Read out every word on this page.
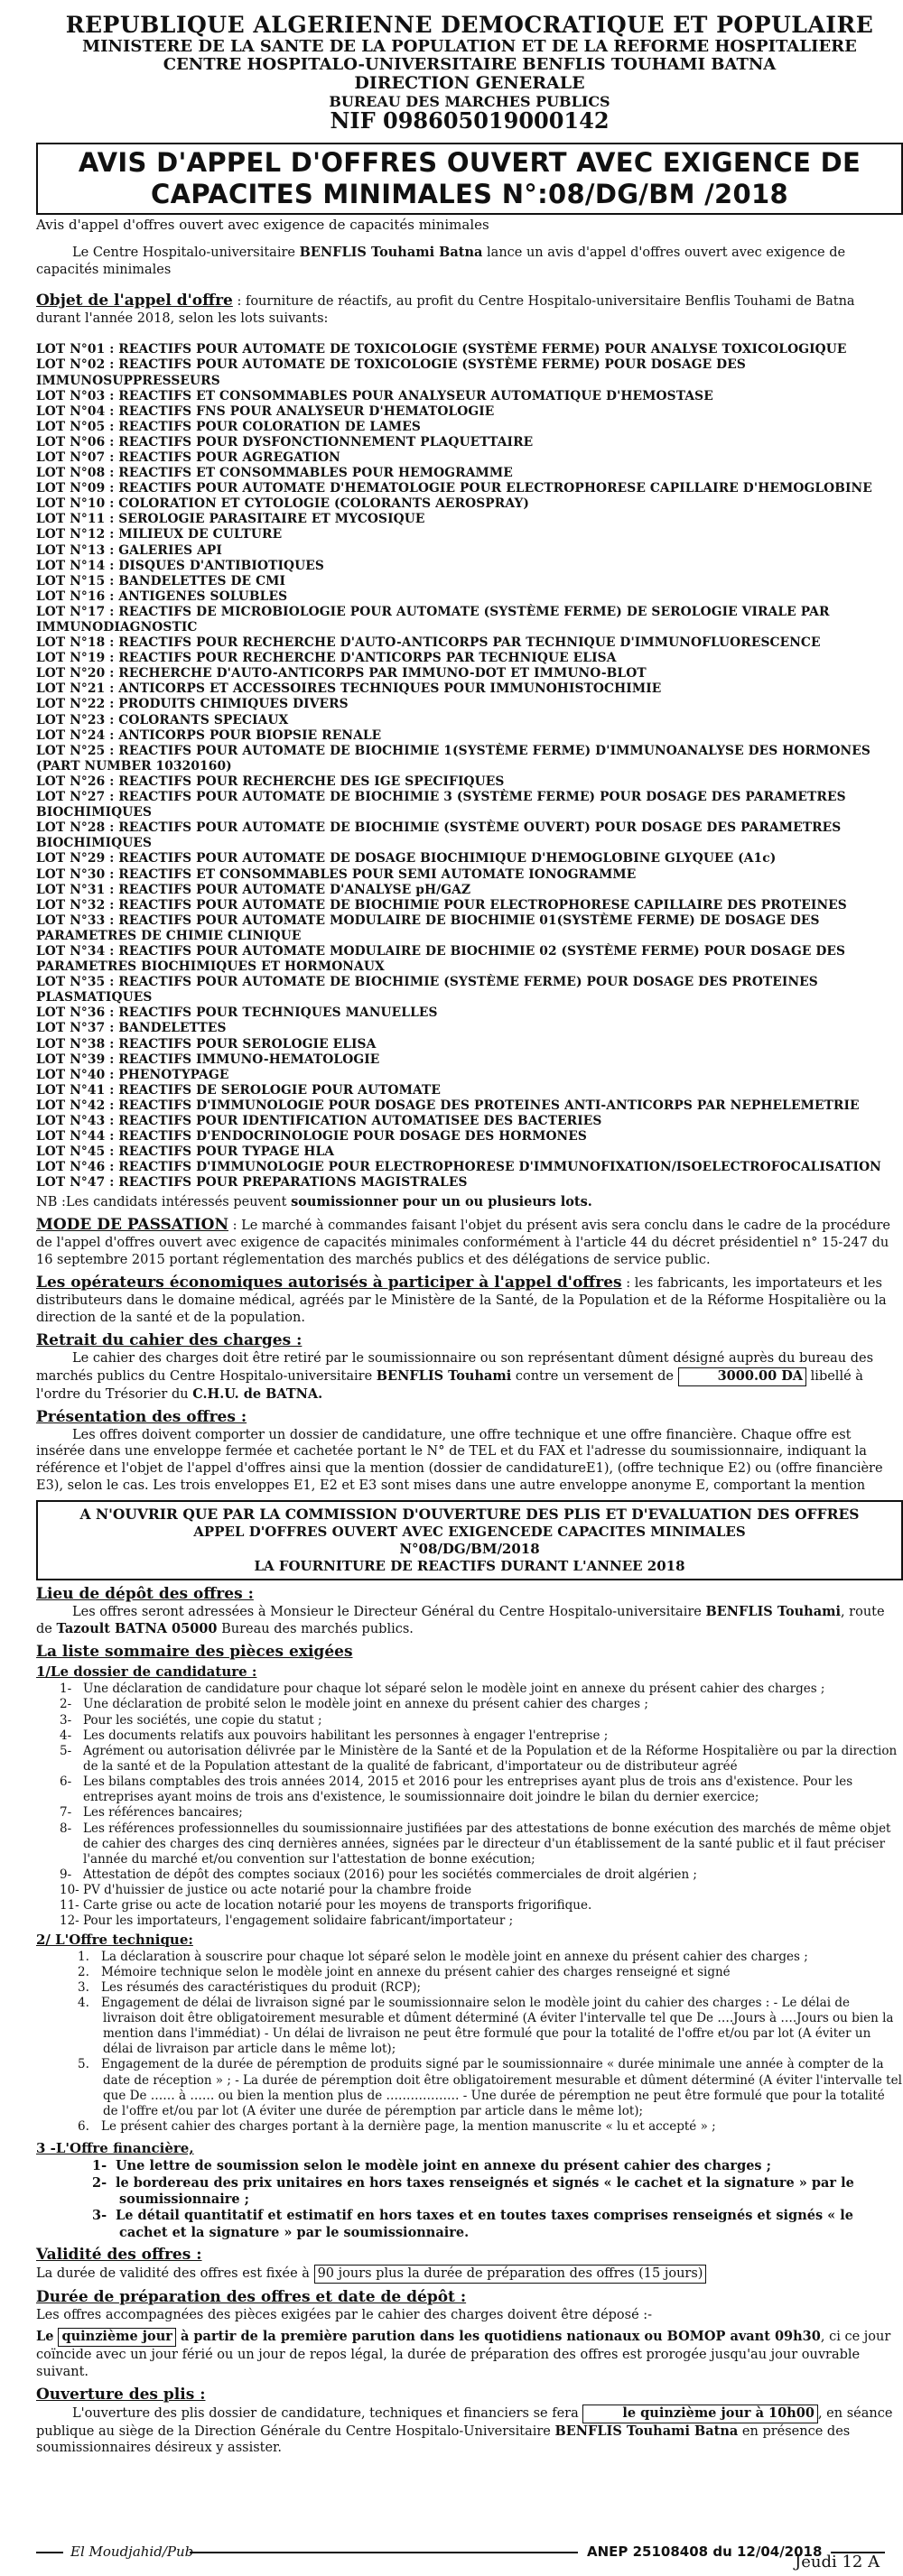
REPUBLIQUE ALGERIENNE DEMOCRATIQUE ET POPULAIRE
MINISTERE DE LA SANTE DE LA POPULATION ET DE LA REFORME HOSPITALIERE
CENTRE HOSPITALO-UNIVERSITAIRE BENFLIS TOUHAMI BATNA
DIRECTION GENERALE
BUREAU DES MARCHES PUBLICS
NIF 098605019000142
AVIS D'APPEL D'OFFRES OUVERT AVEC EXIGENCE DE
CAPACITES MINIMALES N°:08/DG/BM /2018

Avis d'appel d'offres ouvert avec exigence de capacités minimales

Le Centre Hospitalo-universitaire BENFLIS Touhami Batna lance un avis d'appel d'offres ouvert avec exigence de capacités minimales

Objet de l'appel d'offre : fourniture de réactifs, au profit du Centre Hospitalo-universitaire Benflis Touhami de Batna durant l'année 2018, selon les lots suivants:

LOT N°01 : REACTIFS POUR AUTOMATE DE TOXICOLOGIE (SYSTÈME FERME) POUR ANALYSE TOXICOLOGIQUE
LOT N°02 : REACTIFS POUR AUTOMATE DE TOXICOLOGIE (SYSTÈME FERME) POUR DOSAGE DES IMMUNOSUPPRESSEURS
LOT N°03 : REACTIFS ET CONSOMMABLES POUR ANALYSEUR AUTOMATIQUE D'HEMOSTASE
LOT N°04 : REACTIFS FNS POUR ANALYSEUR D'HEMATOLOGIE
LOT N°05 : REACTIFS POUR COLORATION DE LAMES
LOT N°06 : REACTIFS POUR DYSFONCTIONNEMENT PLAQUETTAIRE
LOT N°07 : REACTIFS POUR AGREGATION
LOT N°08 : REACTIFS ET CONSOMMABLES POUR HEMOGRAMME
LOT N°09 : REACTIFS POUR AUTOMATE D'HEMATOLOGIE POUR ELECTROPHORESE CAPILLAIRE D'HEMOGLOBINE
LOT N°10 : COLORATION ET CYTOLOGIE (COLORANTS AEROSPRAY)
LOT N°11 : SEROLOGIE PARASITAIRE ET MYCOSIQUE
LOT N°12 : MILIEUX DE CULTURE
LOT N°13 : GALERIES API
LOT N°14 : DISQUES D'ANTIBIOTIQUES
LOT N°15 : BANDELETTES DE CMI
LOT N°16 : ANTIGENES SOLUBLES
LOT N°17 : REACTIFS DE MICROBIOLOGIE POUR AUTOMATE (SYSTÈME FERME) DE SEROLOGIE VIRALE PAR IMMUNODIAGNOSTIC
LOT N°18 : REACTIFS POUR RECHERCHE D'AUTO-ANTICORPS PAR TECHNIQUE D'IMMUNOFLUORESCENCE
LOT N°19 : REACTIFS POUR RECHERCHE D'ANTICORPS PAR TECHNIQUE ELISA
LOT N°20 : RECHERCHE D'AUTO-ANTICORPS PAR IMMUNO-DOT ET IMMUNO-BLOT
LOT N°21 : ANTICORPS ET ACCESSOIRES TECHNIQUES POUR IMMUNOHISTOCHIMIE
LOT N°22 : PRODUITS CHIMIQUES DIVERS
LOT N°23 : COLORANTS SPECIAUX
LOT N°24 : ANTICORPS POUR BIOPSIE RENALE
LOT N°25 : REACTIFS POUR AUTOMATE DE BIOCHIMIE 1(SYSTÈME FERME) D'IMMUNOANALYSE DES HORMONES (PART NUMBER 10320160)
LOT N°26 : REACTIFS POUR RECHERCHE DES IGE SPECIFIQUES
LOT N°27 : REACTIFS POUR AUTOMATE DE BIOCHIMIE 3 (SYSTÈME FERME) POUR DOSAGE DES PARAMETRES BIOCHIMIQUES
LOT N°28 : REACTIFS POUR AUTOMATE DE BIOCHIMIE (SYSTÈME OUVERT) POUR DOSAGE DES PARAMETRES BIOCHIMIQUES
LOT N°29 : REACTIFS POUR AUTOMATE DE DOSAGE BIOCHIMIQUE D'HEMOGLOBINE GLYQUEE (A1c)
LOT N°30 : REACTIFS ET CONSOMMABLES POUR SEMI AUTOMATE IONOGRAMME
LOT N°31 : REACTIFS POUR AUTOMATE D'ANALYSE pH/GAZ
LOT N°32 : REACTIFS POUR AUTOMATE DE BIOCHIMIE POUR ELECTROPHORESE CAPILLAIRE DES PROTEINES
LOT N°33 : REACTIFS POUR AUTOMATE MODULAIRE DE BIOCHIMIE 01(SYSTÈME FERME) DE DOSAGE DES PARAMETRES DE CHIMIE CLINIQUE
LOT N°34 : REACTIFS POUR AUTOMATE MODULAIRE DE BIOCHIMIE 02 (SYSTÈME FERME) POUR DOSAGE DES PARAMETRES BIOCHIMIQUES ET HORMONAUX
LOT N°35 : REACTIFS POUR AUTOMATE DE BIOCHIMIE (SYSTÈME FERME) POUR DOSAGE DES PROTEINES PLASMATIQUES
LOT N°36 : REACTIFS POUR TECHNIQUES MANUELLES
LOT N°37 : BANDELETTES
LOT N°38 : REACTIFS POUR SEROLOGIE ELISA
LOT N°39 : REACTIFS IMMUNO-HEMATOLOGIE
LOT N°40 : PHENOTYPAGE
LOT N°41 : REACTIFS DE SEROLOGIE POUR AUTOMATE
LOT N°42 : REACTIFS D'IMMUNOLOGIE POUR DOSAGE DES PROTEINES ANTI-ANTICORPS PAR NEPHELEMETRIE
LOT N°43 : REACTIFS POUR IDENTIFICATION AUTOMATISEE DES BACTERIES
LOT N°44 : REACTIFS D'ENDOCRINOLOGIE POUR DOSAGE DES HORMONES
LOT N°45 : REACTIFS POUR TYPAGE HLA
LOT N°46 : REACTIFS D'IMMUNOLOGIE POUR ELECTROPHORESE D'IMMUNOFIXATION/ISOELECTROFOCALISATION
LOT N°47 : REACTIFS POUR PREPARATIONS MAGISTRALES

NB :Les candidats intéressés peuvent soumissionner pour un ou plusieurs lots.

MODE DE PASSATION : Le marché à commandes faisant l'objet du présent avis sera conclu dans le cadre de la procédure de l'appel d'offres ouvert avec exigence de capacités minimales conformément à l'article 44 du décret présidentiel n° 15-247 du 16 septembre 2015 portant réglementation des marchés publics et des délégations de service public.

Les opérateurs économiques autorisés à participer à l'appel d'offres : les fabricants, les importateurs et les distributeurs dans le domaine médical, agréés par le Ministère de la Santé, de la Population et de la Réforme Hospitalière ou la direction de la santé et de la population.

Retrait du cahier des charges :

Le cahier des charges doit être retiré par le soumissionnaire ou son représentant dûment désigné auprès du bureau des marchés publics du Centre Hospitalo-universitaire BENFLIS Touhami contre un versement de	3000.00 DA libellé à l'ordre du Trésorier du C.H.U. de BATNA.

Présentation des offres :

Les offres doivent comporter un dossier de candidature, une offre technique et une offre financière. Chaque offre est insérée dans une enveloppe fermée et cachetée portant le N° de TEL et du FAX et l'adresse du soumissionnaire, indiquant la référence et l'objet de l'appel d'offres ainsi que la mention (dossier de candidatureE1), (offre technique E2) ou (offre financière E3), selon le cas. Les trois enveloppes E1, E2 et E3 sont mises dans une autre enveloppe anonyme E, comportant la mention

A N'OUVRIR QUE PAR LA COMMISSION D'OUVERTURE DES PLIS ET D'EVALUATION DES OFFRES
APPEL D'OFFRES OUVERT AVEC EXIGENCEDE CAPACITES MINIMALES
N°08/DG/BM/2018
LA FOURNITURE DE REACTIFS DURANT L'ANNEE 2018

Lieu de dépôt des offres :

Les offres seront adressées à Monsieur le Directeur Général du Centre Hospitalo-universitaire BENFLIS Touhami, route de Tazoult BATNA 05000 Bureau des marchés publics.

La liste sommaire des pièces exigées

1/Le dossier de candidature :
1- Une déclaration de candidature pour chaque lot séparé selon le modèle joint en annexe du présent cahier des charges ;
2- Une déclaration de probité selon le modèle joint en annexe du présent cahier des charges ;
3- Pour les sociétés, une copie du statut ;
4- Les documents relatifs aux pouvoirs habilitant les personnes à engager l'entreprise ;
5- Agrément ou autorisation délivrée par le Ministère de la Santé et de la Population et de la Réforme Hospitalière ou par la direction de la santé et de la Population attestant de la qualité de fabricant, d'importateur ou de distributeur agréé
6- Les bilans comptables des trois années 2014, 2015 et 2016 pour les entreprises ayant plus de trois ans d'existence. Pour les entreprises ayant moins de trois ans d'existence, le soumissionnaire doit joindre le bilan du dernier exercice;
7- Les références bancaires;
8- Les références professionnelles du soumissionnaire justifiées par des attestations de bonne exécution des marchés de même objet de cahier des charges des cinq dernières années, signées par le directeur d'un établissement de la santé public et il faut préciser l'année du marché et/ou convention sur l'attestation de bonne exécution;
9- Attestation de dépôt des comptes sociaux (2016) pour les sociétés commerciales de droit algérien ;
10- PV d'huissier de justice ou acte notarié pour la chambre froide
11- Carte grise ou acte de location notarié pour les moyens de transports frigorifique.
12- Pour les importateurs, l'engagement solidaire fabricant/importateur ;
2/ L'Offre technique:
1. La déclaration à souscrire pour chaque lot séparé selon le modèle joint en annexe du présent cahier des charges ;
2. Mémoire technique selon le modèle joint en annexe du présent cahier des charges renseigné et signé
3. Les résumés des caractéristiques du produit (RCP);
4. Engagement de délai de livraison signé par le soumissionnaire selon le modèle joint du cahier des charges : - Le délai de livraison doit être obligatoirement mesurable et dûment déterminé (A éviter l'intervalle tel que De ….Jours à ….Jours ou bien la mention dans l'immédiat) - Un délai de livraison ne peut être formulé que pour la totalité de l'offre et/ou par lot (A éviter un délai de livraison par article dans le même lot);
5. Engagement de la durée de péremption de produits signé par le soumissionnaire « durée minimale une année à compter de la date de réception » ; - La durée de péremption doit être obligatoirement mesurable et dûment déterminé (A éviter l'intervalle tel que De …… à …… ou bien la mention plus de ……………… - Une durée de péremption ne peut être formulé que pour la totalité de l'offre et/ou par lot (A éviter une durée de péremption par article dans le même lot);
6. Le présent cahier des charges portant à la dernière page, la mention manuscrite « lu et accepté » ;
3 -L'Offre financière,
1- Une lettre de soumission selon le modèle joint en annexe du présent cahier des charges ;
2- le bordereau des prix unitaires en hors taxes renseignés et signés « le cachet et la signature » par le soumissionnaire ;
3- Le détail quantitatif et estimatif en hors taxes et en toutes taxes comprises renseignés et signés « le cachet et la signature » par le soumissionnaire.

Validité des offres :

La durée de validité des offres est fixée à 90 jours plus la durée de préparation des offres (15 jours)

Durée de préparation des offres et date de dépôt :

Les offres accompagnées des pièces exigées par le cahier des charges doivent être déposé :-

Le quinzième jour à partir de la première parution dans les quotidiens nationaux ou BOMOP avant 09h30, ci ce jour coïncide avec un jour férié ou un jour de repos légal, la durée de préparation des offres est prorogée jusqu'au jour ouvrable suivant.

Ouverture des plis :

L'ouverture des plis dossier de candidature, techniques et financiers se fera	le quinzième jour à 10h00 , en séance publique au siège de la Direction Générale du Centre Hospitalo-Universitaire BENFLIS Touhami Batna en présence des soumissionnaires désireux y assister.

El Moudjahid/Pub	ANEP 25108408 du 12/04/2018
Jeudi 12 A
